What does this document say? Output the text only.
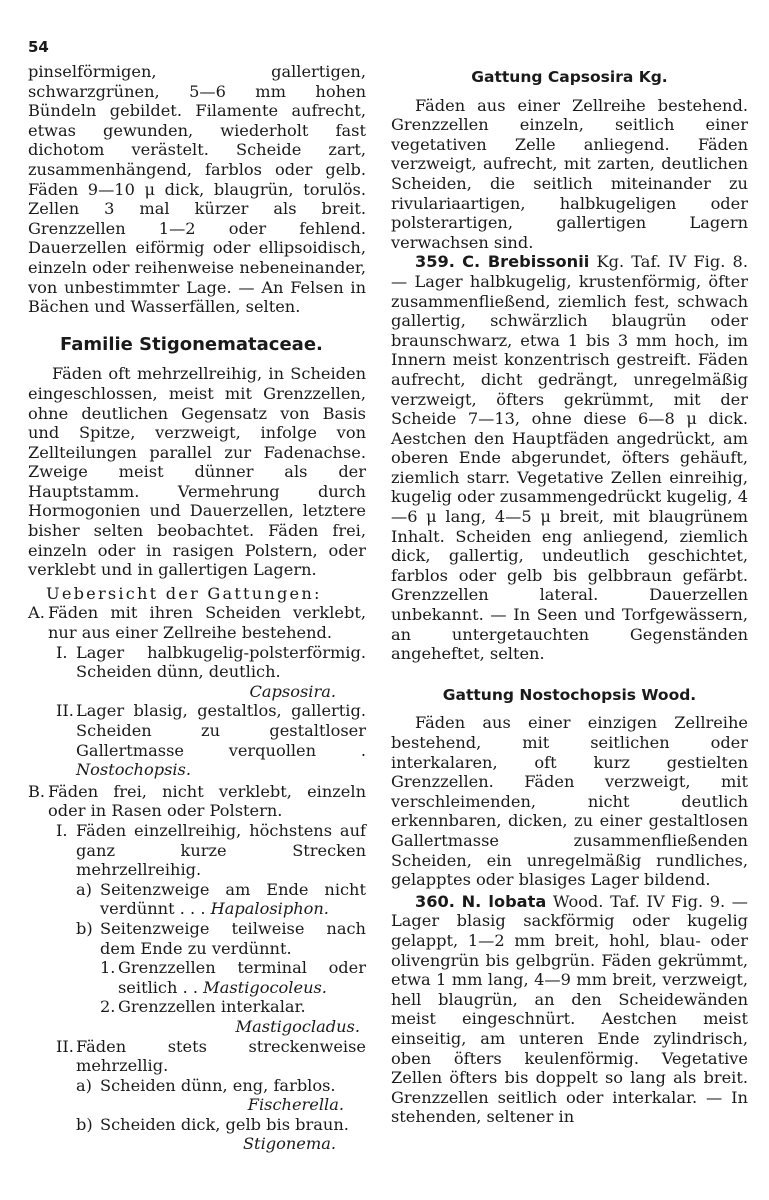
54

pinselförmigen, gallertigen, schwarzgrünen, 5—6 mm hohen Bündeln gebildet. Filamente aufrecht, etwas gewunden, wiederholt fast dichotom verästelt. Scheide zart, zusammenhängend, farblos oder gelb. Fäden 9—10 μ dick, blaugrün, torulös. Zellen 3 mal kürzer als breit. Grenzzellen 1—2 oder fehlend. Dauerzellen eiförmig oder ellipsoidisch, einzeln oder reihenweise nebeneinander, von unbestimmter Lage. — An Felsen in Bächen und Wasserfällen, selten.

Familie Stigonemataceae.

Fäden oft mehrzellreihig, in Scheiden eingeschlossen, meist mit Grenzzellen, ohne deutlichen Gegensatz von Basis und Spitze, verzweigt, infolge von Zellteilungen parallel zur Fadenachse. Zweige meist dünner als der Hauptstamm. Vermehrung durch Hormogonien und Dauerzellen, letztere bisher selten beobachtet. Fäden frei, einzeln oder in rasigen Polstern, oder verklebt und in gallertigen Lagern.

Uebersicht der Gattungen:

A. Fäden mit ihren Scheiden verklebt, nur aus einer Zellreihe bestehend.
I. Lager halbkugelig-polsterförmig. Scheiden dünn, deutlich.
Capsosira.
II. Lager blasig, gestaltlos, gallertig. Scheiden zu gestaltloser Gallertmasse verquollen	. Nostochopsis.
B. Fäden frei, nicht verklebt, einzeln oder in Rasen oder Polstern.
I. Fäden einzellreihig, höchstens auf ganz kurze Strecken mehrzellreihig.
a) Seitenzweige am Ende nicht verdünnt . . . Hapalosiphon.
b) Seitenzweige teilweise nach dem Ende zu verdünnt.
1. Grenzzellen terminal oder seitlich . . Mastigocoleus.
2. Grenzzellen interkalar.
Mastigocladus.
II. Fäden stets streckenweise mehrzellig.
a) Scheiden dünn, eng, farblos.
Fischerella.
b) Scheiden dick, gelb bis braun.
Stigonema.
Gattung Capsosira Kg.

Fäden aus einer Zellreihe bestehend. Grenzzellen einzeln, seitlich einer vegetativen Zelle anliegend. Fäden verzweigt, aufrecht, mit zarten, deutlichen Scheiden, die seitlich miteinander zu rivulariaartigen, halbkugeligen oder polsterartigen, gallertigen Lagern verwachsen sind.

359. C. Brebissonii Kg. Taf. IV Fig. 8. — Lager halbkugelig, krustenförmig, öfter zusammenfließend, ziemlich fest, schwach gallertig, schwärzlich blaugrün oder braunschwarz, etwa 1 bis 3 mm hoch, im Innern meist konzentrisch gestreift. Fäden aufrecht, dicht gedrängt, unregelmäßig verzweigt, öfters gekrümmt, mit der Scheide 7—13, ohne diese 6—8 μ dick. Aestchen den Hauptfäden angedrückt, am oberen Ende abgerundet, öfters gehäuft, ziemlich starr. Vegetative Zellen einreihig, kugelig oder zusammengedrückt kugelig, 4—6 μ lang, 4—5 μ breit, mit blaugrünem Inhalt. Scheiden eng anliegend, ziemlich dick, gallertig, undeutlich geschichtet, farblos oder gelb bis gelbbraun gefärbt. Grenzzellen lateral. Dauerzellen unbekannt. — In Seen und Torfgewässern, an untergetauchten Gegenständen angeheftet, selten.

Gattung Nostochopsis Wood.

Fäden aus einer einzigen Zellreihe bestehend, mit seitlichen oder interkalaren, oft kurz gestielten Grenzzellen. Fäden verzweigt, mit verschleimenden, nicht deutlich erkennbaren, dicken, zu einer gestaltlosen Gallertmasse zusammenfließenden Scheiden, ein unregelmäßig rundliches, gelapptes oder blasiges Lager bildend.

360. N. lobata Wood. Taf. IV Fig. 9. — Lager blasig sackförmig oder kugelig gelappt, 1—2 mm breit, hohl, blau- oder olivengrün bis gelbgrün. Fäden gekrümmt, etwa 1 mm lang, 4—9 mm breit, verzweigt, hell blaugrün, an den Scheidewänden meist eingeschnürt. Aestchen meist einseitig, am unteren Ende zylindrisch, oben öfters keulenförmig. Vegetative Zellen öfters bis doppelt so lang als breit. Grenzzellen seitlich oder interkalar. — In stehenden, seltener in
